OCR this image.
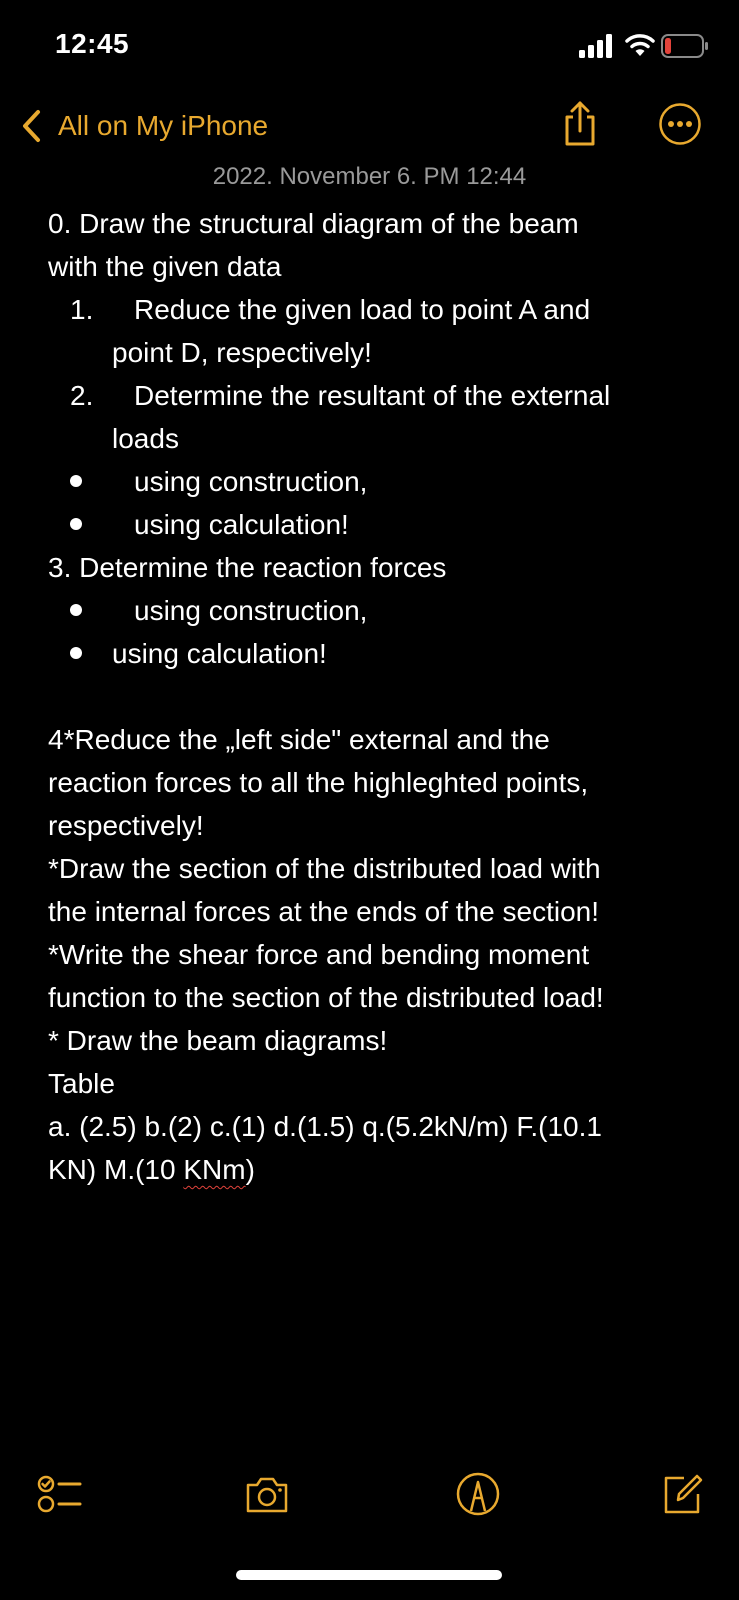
12:45
All on My iPhone
2022. November 6. PM 12:44
0. Draw the structural diagram of the beam
with the given data
1. Reduce the given load to point A and
point D, respectively!
2. Determine the resultant of the external
loads
using construction,
using calculation!
3. Determine the reaction forces
using construction,
using calculation!
4*Reduce the „left side" external and the
reaction forces to all the highleghted points,
respectively!
*Draw the section of the distributed load with
the internal forces at the ends of the section!
*Write the shear force and bending moment
function to the section of the distributed load!
* Draw the beam diagrams!
Table
a. (2.5) b.(2) c.(1) d.(1.5) q.(5.2kN/m) F.(10.1
KN) M.(10 KNm)
